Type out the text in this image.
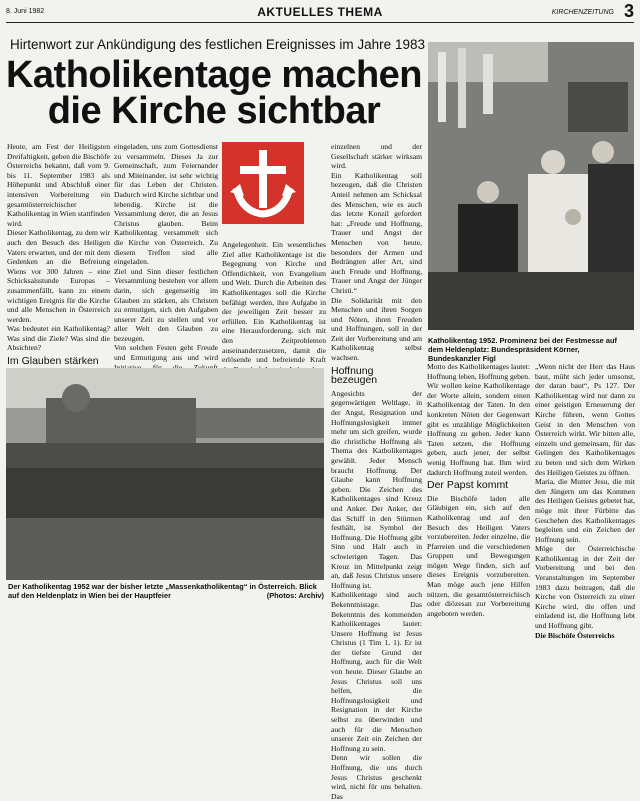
8. Juni 1982	AKTUELLES THEMA	KIRCHENZEITUNG 3
Hirtenwort zur Ankündigung des festlichen Ereignisses im Jahre 1983
Katholikentage machen
die Kirche sichtbar

Heute, am Fest der Heiligsten Dreifaltigkeit, geben die Bischöfe Österreichs bekannt, daß vom 9. bis 11. September 1983 als Höhepunkt und Abschluß einer intensiven Vorbereitung ein gesamtösterreichischer Katholikentag in Wien stattfinden wird.

Dieser Katholikentag, zu dem wir auch den Besuch des Heiligen Vaters erwarten, und der mit dem Gedenken an die Befreiung Wiens vor 300 Jahren – eine Schicksalsstunde Europas – zusammenfällt, kann zu einem wichtigen Ereignis für die Kirche und alle Menschen in Österreich werden.

Was bedeutet ein Katholikentag? Was sind die Ziele? Was sind die Absichten?

Im Glauben stärken

eingeladen, uns zum Gottesdienst zu versammeln. Dieses Ja zur Gemeinschaft, zum Feiernander und Miteinander, ist sehr wichtig für das Leben der Christen. Dadurch wird Kirche sichtbar und lebendig. Kirche ist die Versammlung derer, die an Jesus Christus glauben. Beim Katholikentag versammelt sich die Kirche von Österreich. Zu diesem Treffen sind alle eingeladen.

Ziel und Sinn dieser festlichen Versammlung bestehen vor allem darin, sich gegenseitig im Glauben zu stärken, als Christen zu ermutigen, sich den Aufgaben unserer Zeit zu stellen und vor aller Welt den Glauben zu bezeugen.

Von solchen Festen geht Freude und Ermutigung aus und wird

Angelegenheit. Ein wesentliches Ziel aller Katholikentage ist die Begegnung von Kirche und Öffentlichkeit, von Evangelium und Welt. Durch die Arbeiten des Katholikentages soll die Kirche befähigt werden, ihre Aufgabe in der jeweiligen Zeit besser zu erfüllen. Ein Katholikentag ist eine Herausforderung, sich mit den Zeitproblemen auseinanderzusetzen, damit die erlösende und befreiende Kraft

einzelnen und der Gesellschaft stärker wirksam wird.

Ein Katholikentag soll bezeugen, daß die Christen Anteil nehmen am Schicksal des Menschen, wie es auch das letzte Konzil gefordert hat: „Freude und Hoffnung, Trauer und Angst der Menschen von heute, besonders der Armen und Bedrängten aller Art, sind auch Freude und Hoffnung, Trauer und Angst der Jünger Christi.“

Die Solidarität mit den Menschen und ihren Sorgen und Nöten, ihren Freuden und Hoffnungen, soll in der Zeit der Vorbereitung und am Katholikentag selbst wachsen.

Hoffnung bezeugen

Angesichts der gegenwärtigen Weltlage, in der Angst, Resignation und Hoffnungslosigkeit immer mehr um sich greifen, wurde die christliche Hoffnung als Thema des Katholikentages gewählt. Jeder Mensch braucht Hoffnung. Der Glaube kann Hoffnung geben. Die Zeichen des Katholikentages sind Kreuz und Anker. Der Anker, der das Schiff in den Stürmen festhält, ist Symbol der Hoffnung. Die Hoffnung gibt Sinn und Halt auch in schwierigen Tagen. Das Kreuz im Mittelpunkt zeigt an, daß Jesus Christus unsere Hoffnung ist.

Katholikentage sind auch Bekenntnistage. Das Bekenntnis des kommenden Katholikentages lautet: Unsere Hoffnung ist Jesus Christus (1 Tim 1, 1). Er ist der tiefste Grund der Hoffnung, auch für die Welt von heute. Dieser Glaube an Jesus Christus soll uns helfen, die Hoffnungslosigkeit und Resignation in der Kirche selbst zu überwinden und auch für die Menschen unserer Zeit ein Zeichen der Hoffnung zu sein.

Denn wir sollen die Hoffnung, die uns durch Jesus Christus geschenkt wird, nicht für uns behalten. Das

Katholikentag 1952. Prominenz bei der Festmesse auf dem Heldenplatz: Bundespräsident Körner, Bundeskanzler Figl

Motto des Katholikentages lautet: Hoffnung leben, Hoffnung geben. Wir wollen keine Katholikentage der Worte allein, sondern einen Katholikentag der Taten. In den konkreten Nöten der Gegenwart gibt es unzählige Möglichkeiten Hoffnung zu geben. Jeder kann Taten setzen, die Hoffnung geben, auch jener, der selbst wenig Hoffnung hat. Ihm wird dadurch Hoffnung zuteil werden.

Der Papst kommt

Die Bischöfe laden alle Gläubigen ein, sich auf den Katholikentag und auf den Besuch des Heiligen Vaters vorzubereiten. Jeder einzelne, die Pfarreien und die verschiedenen Gruppen und Bewegungen mögen Wege finden, sich auf dieses Ereignis vorzubereiten. Man möge auch jene Hilfen nützen, die gesamtösterreichisch oder diözesan zur Vorbereitung angeboten werden.

„Wenn nicht der Herr das Haus baut, müht sich jeder umsonst, der daran baut“, Ps 127. Der Katholikentag wird nur dann zu einer geistigen Erneuerung der Kirche führen, wenn Gottes Geist in den Menschen von Österreich wirkt. Wir bitten alle, einzeln und gemeinsam, für das Gelingen des Katholikentages zu beten und sich dem Wirken des Heiligen Geistes zu öffnen.

Maria, die Mutter Jesu, die mit den Jüngern um das Kommen des Heiligen Geistes gebetet hat, möge mit ihrer Fürbitte das Geschehen des Katholikentages begleiten und ein Zeichen der Hoffnung sein.

Möge der Österreichische Katholikentag in der Zeit der Vorbereitung und bei den Veranstaltungen im September 1983 dazu beitragen, daß die Kirche von Österreich zu einer Kirche wird, die offen und einladend ist, die Hoffnung lebt und Hoffnung gibt.

Die Bischöfe Österreichs

Der Katholikentag 1952 war der bisher letzte „Massenkatholikentag“ in Österreich. Blick auf den Heldenplatz in Wien bei der Hauptfeier	(Photos: Archiv)
